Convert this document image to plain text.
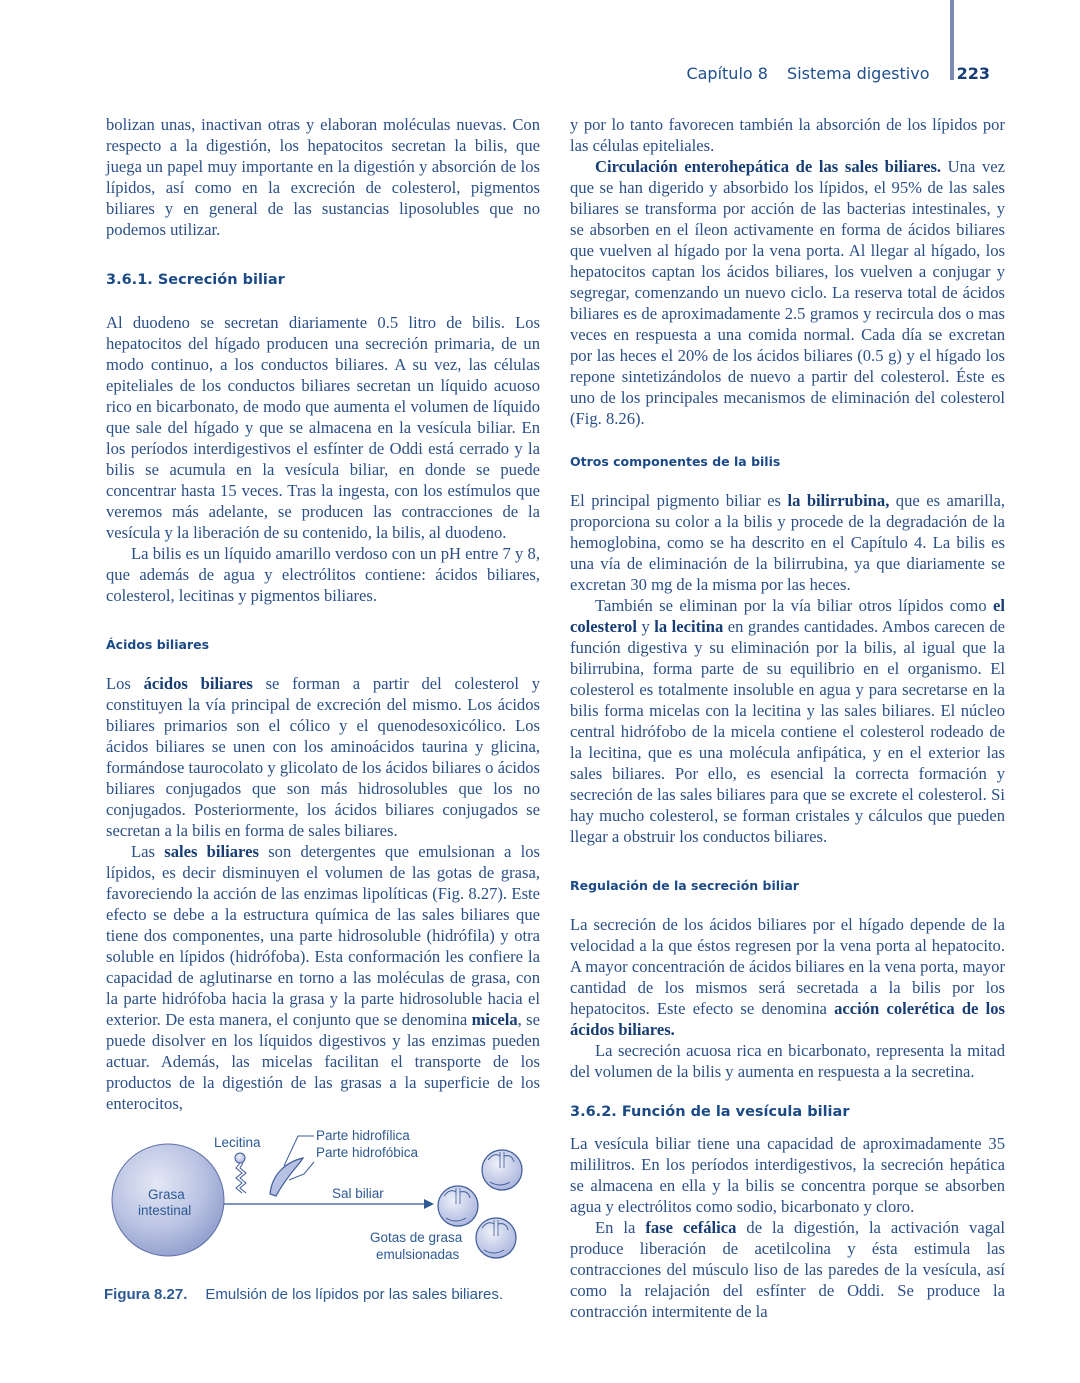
Capítulo 8 Sistema digestivo 223

bolizan unas, inactivan otras y elaboran moléculas nuevas. Con respecto a la digestión, los hepatocitos secretan la bilis, que juega un papel muy importante en la digestión y absorción de los lípidos, así como en la excreción de colesterol, pigmentos biliares y en general de las sustancias liposolubles que no podemos utilizar.

3.6.1. Secreción biliar

Al duodeno se secretan diariamente 0.5 litro de bilis. Los hepatocitos del hígado producen una secreción primaria, de un modo continuo, a los conductos biliares. A su vez, las células epiteliales de los conductos biliares secretan un líquido acuoso rico en bicarbonato, de modo que aumenta el volumen de líquido que sale del hígado y que se almacena en la vesícula biliar. En los períodos interdigestivos el esfínter de Oddi está cerrado y la bilis se acumula en la vesícula biliar, en donde se puede concentrar hasta 15 veces. Tras la ingesta, con los estímulos que veremos más adelante, se producen las contracciones de la vesícula y la liberación de su contenido, la bilis, al duodeno.

La bilis es un líquido amarillo verdoso con un pH entre 7 y 8, que además de agua y electrólitos contiene: ácidos biliares, colesterol, lecitinas y pigmentos biliares.

Ácidos biliares

Los ácidos biliares se forman a partir del colesterol y constituyen la vía principal de excreción del mismo. Los ácidos biliares primarios son el cólico y el quenodesoxicólico. Los ácidos biliares se unen con los aminoácidos taurina y glicina, formándose taurocolato y glicolato de los ácidos biliares o ácidos biliares conjugados que son más hidrosolubles que los no conjugados. Posteriormente, los ácidos biliares conjugados se secretan a la bilis en forma de sales biliares.

Las sales biliares son detergentes que emulsionan a los lípidos, es decir disminuyen el volumen de las gotas de grasa, favoreciendo la acción de las enzimas lipolíticas (Fig. 8.27). Este efecto se debe a la estructura química de las sales biliares que tiene dos componentes, una parte hidrosoluble (hidrófila) y otra soluble en lípidos (hidrófoba). Esta conformación les confiere la capacidad de aglutinarse en torno a las moléculas de grasa, con la parte hidrófoba hacia la grasa y la parte hidrosoluble hacia el exterior. De esta manera, el conjunto que se denomina micela, se puede disolver en los líquidos digestivos y las enzimas pueden actuar. Además, las micelas facilitan el transporte de los productos de la digestión de las grasas a la superficie de los enterocitos,

Grasa
intestinal
Lecitina	Parte hidrofílica
Parte hidrofóbica
Sal biliar
Gotas de grasa
emulsionadas
Figura 8.27. Emulsión de los lípidos por las sales biliares.

y por lo tanto favorecen también la absorción de los lípidos por las células epiteliales.

Circulación enterohepática de las sales biliares. Una vez que se han digerido y absorbido los lípidos, el 95% de las sales biliares se transforma por acción de las bacterias intestinales, y se absorben en el íleon activamente en forma de ácidos biliares que vuelven al hígado por la vena porta. Al llegar al hígado, los hepatocitos captan los ácidos biliares, los vuelven a conjugar y segregar, comenzando un nuevo ciclo. La reserva total de ácidos biliares es de aproximadamente 2.5 gramos y recircula dos o mas veces en respuesta a una comida normal. Cada día se excretan por las heces el 20% de los ácidos biliares (0.5 g) y el hígado los repone sintetizándolos de nuevo a partir del colesterol. Éste es uno de los principales mecanismos de eliminación del colesterol (Fig. 8.26).

Otros componentes de la bilis

El principal pigmento biliar es la bilirrubina, que es amarilla, proporciona su color a la bilis y procede de la degradación de la hemoglobina, como se ha descrito en el Capítulo 4. La bilis es una vía de eliminación de la bilirrubina, ya que diariamente se excretan 30 mg de la misma por las heces.

También se eliminan por la vía biliar otros lípidos como el colesterol y la lecitina en grandes cantidades. Ambos carecen de función digestiva y su eliminación por la bilis, al igual que la bilirrubina, forma parte de su equilibrio en el organismo. El colesterol es totalmente insoluble en agua y para secretarse en la bilis forma micelas con la lecitina y las sales biliares. El núcleo central hidrófobo de la micela contiene el colesterol rodeado de la lecitina, que es una molécula anfipática, y en el exterior las sales biliares. Por ello, es esencial la correcta formación y secreción de las sales biliares para que se excrete el colesterol. Si hay mucho colesterol, se forman cristales y cálculos que pueden llegar a obstruir los conductos biliares.

Regulación de la secreción biliar

La secreción de los ácidos biliares por el hígado depende de la velocidad a la que éstos regresen por la vena porta al hepatocito. A mayor concentración de ácidos biliares en la vena porta, mayor cantidad de los mismos será secretada a la bilis por los hepatocitos. Este efecto se denomina acción colerética de los ácidos biliares.

La secreción acuosa rica en bicarbonato, representa la mitad del volumen de la bilis y aumenta en respuesta a la secretina.

3.6.2. Función de la vesícula biliar

La vesícula biliar tiene una capacidad de aproximadamente 35 mililitros. En los períodos interdigestivos, la secreción hepática se almacena en ella y la bilis se concentra porque se absorben agua y electrólitos como sodio, bicarbonato y cloro.

En la fase cefálica de la digestión, la activación vagal produce liberación de acetilcolina y ésta estimula las contracciones del músculo liso de las paredes de la vesícula, así como la relajación del esfínter de Oddi. Se produce la contracción intermitente de la
